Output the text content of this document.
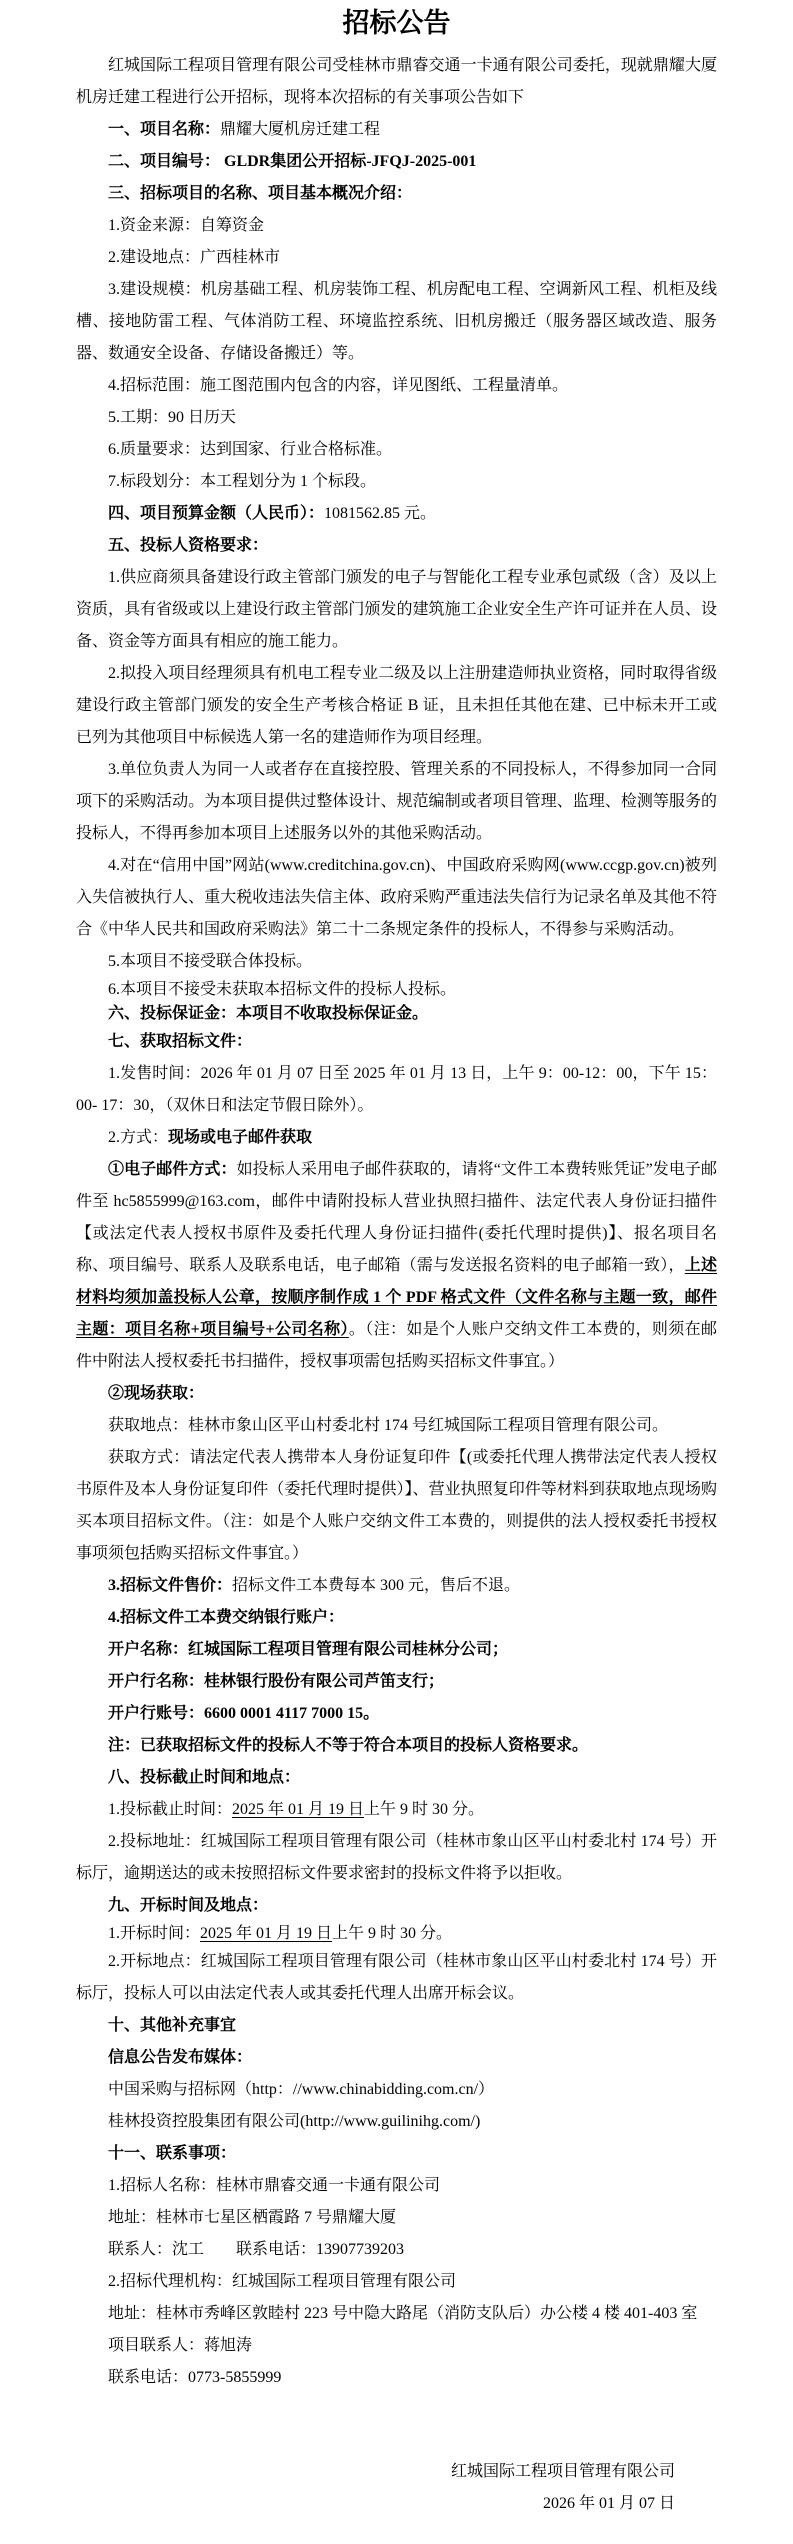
招标公告

红城国际工程项目管理有限公司受桂林市鼎睿交通一卡通有限公司委托，现就鼎耀大厦机房迁建工程进行公开招标，现将本次招标的有关事项公告如下

一、项目名称：鼎耀大厦机房迁建工程

二、项目编号： GLDR集团公开招标-JFQJ-2025-001

三、招标项目的名称、项目基本概况介绍：

1.资金来源：自筹资金

2.建设地点：广西桂林市

3.建设规模：机房基础工程、机房装饰工程、机房配电工程、空调新风工程、机柜及线槽、接地防雷工程、气体消防工程、环境监控系统、旧机房搬迁（服务器区域改造、服务器、数通安全设备、存储设备搬迁）等。

4.招标范围：施工图范围内包含的内容，详见图纸、工程量清单。

5.工期：90 日历天

6.质量要求：达到国家、行业合格标准。

7.标段划分：本工程划分为 1 个标段。

四、项目预算金额（人民币）：1081562.85 元。

五、投标人资格要求：

1.供应商须具备建设行政主管部门颁发的电子与智能化工程专业承包贰级（含）及以上资质，具有省级或以上建设行政主管部门颁发的建筑施工企业安全生产许可证并在人员、设备、资金等方面具有相应的施工能力。

2.拟投入项目经理须具有机电工程专业二级及以上注册建造师执业资格，同时取得省级建设行政主管部门颁发的安全生产考核合格证 B 证，且未担任其他在建、已中标未开工或已列为其他项目中标候选人第一名的建造师作为项目经理。

3.单位负责人为同一人或者存在直接控股、管理关系的不同投标人，不得参加同一合同项下的采购活动。为本项目提供过整体设计、规范编制或者项目管理、监理、检测等服务的投标人，不得再参加本项目上述服务以外的其他采购活动。

4.对在“信用中国”网站(www.creditchina.gov.cn)、中国政府采购网(www.ccgp.gov.cn)被列入失信被执行人、重大税收违法失信主体、政府采购严重违法失信行为记录名单及其他不符合《中华人民共和国政府采购法》第二十二条规定条件的投标人，不得参与采购活动。

5.本项目不接受联合体投标。

6.本项目不接受未获取本招标文件的投标人投标。

六、投标保证金：本项目不收取投标保证金。

七、获取招标文件：

1.发售时间：2026 年 01 月 07 日至 2025 年 01 月 13 日，上午 9：00-12：00，下午 15：00- 17：30，（双休日和法定节假日除外）。

2.方式：现场或电子邮件获取

①电子邮件方式：如投标人采用电子邮件获取的，请将“文件工本费转账凭证”发电子邮件至 hc5855999@163.com，邮件中请附投标人营业执照扫描件、法定代表人身份证扫描件【或法定代表人授权书原件及委托代理人身份证扫描件(委托代理时提供)】、报名项目名称、项目编号、联系人及联系电话，电子邮箱（需与发送报名资料的电子邮箱一致），上述材料均须加盖投标人公章，按顺序制作成 1 个 PDF 格式文件（文件名称与主题一致，邮件主题：项目名称+项目编号+公司名称）。（注：如是个人账户交纳文件工本费的，则须在邮件中附法人授权委托书扫描件，授权事项需包括购买招标文件事宜。）

②现场获取：

获取地点：桂林市象山区平山村委北村 174 号红城国际工程项目管理有限公司。

获取方式：请法定代表人携带本人身份证复印件【(或委托代理人携带法定代表人授权书原件及本人身份证复印件（委托代理时提供）】、营业执照复印件等材料到获取地点现场购买本项目招标文件。（注：如是个人账户交纳文件工本费的，则提供的法人授权委托书授权事项须包括购买招标文件事宜。）

3.招标文件售价：招标文件工本费每本 300 元，售后不退。

4.招标文件工本费交纳银行账户：

开户名称：红城国际工程项目管理有限公司桂林分公司；

开户行名称：桂林银行股份有限公司芦笛支行；

开户行账号：6600 0001 4117 7000 15。

注：已获取招标文件的投标人不等于符合本项目的投标人资格要求。

八、投标截止时间和地点：

1.投标截止时间：2025 年 01 月 19 日上午 9 时 30 分。

2.投标地址：红城国际工程项目管理有限公司（桂林市象山区平山村委北村 174 号）开标厅，逾期送达的或未按照招标文件要求密封的投标文件将予以拒收。

九、开标时间及地点：

1.开标时间：2025 年 01 月 19 日上午 9 时 30 分。

2.开标地点：红城国际工程项目管理有限公司（桂林市象山区平山村委北村 174 号）开标厅，投标人可以由法定代表人或其委托代理人出席开标会议。

十、其他补充事宜

信息公告发布媒体：

中国采购与招标网（http：//www.chinabidding.com.cn/）

桂林投资控股集团有限公司(http://www.guilinihg.com/)

十一、联系事项：

1.招标人名称：桂林市鼎睿交通一卡通有限公司

地址：桂林市七星区栖霞路 7 号鼎耀大厦

联系人：沈工　　联系电话：13907739203

2.招标代理机构：红城国际工程项目管理有限公司

地址：桂林市秀峰区敦睦村 223 号中隐大路尾（消防支队后）办公楼 4 楼 401-403 室

项目联系人：蒋旭涛

联系电话：0773-5855999

红城国际工程项目管理有限公司

2026 年 01 月 07 日
